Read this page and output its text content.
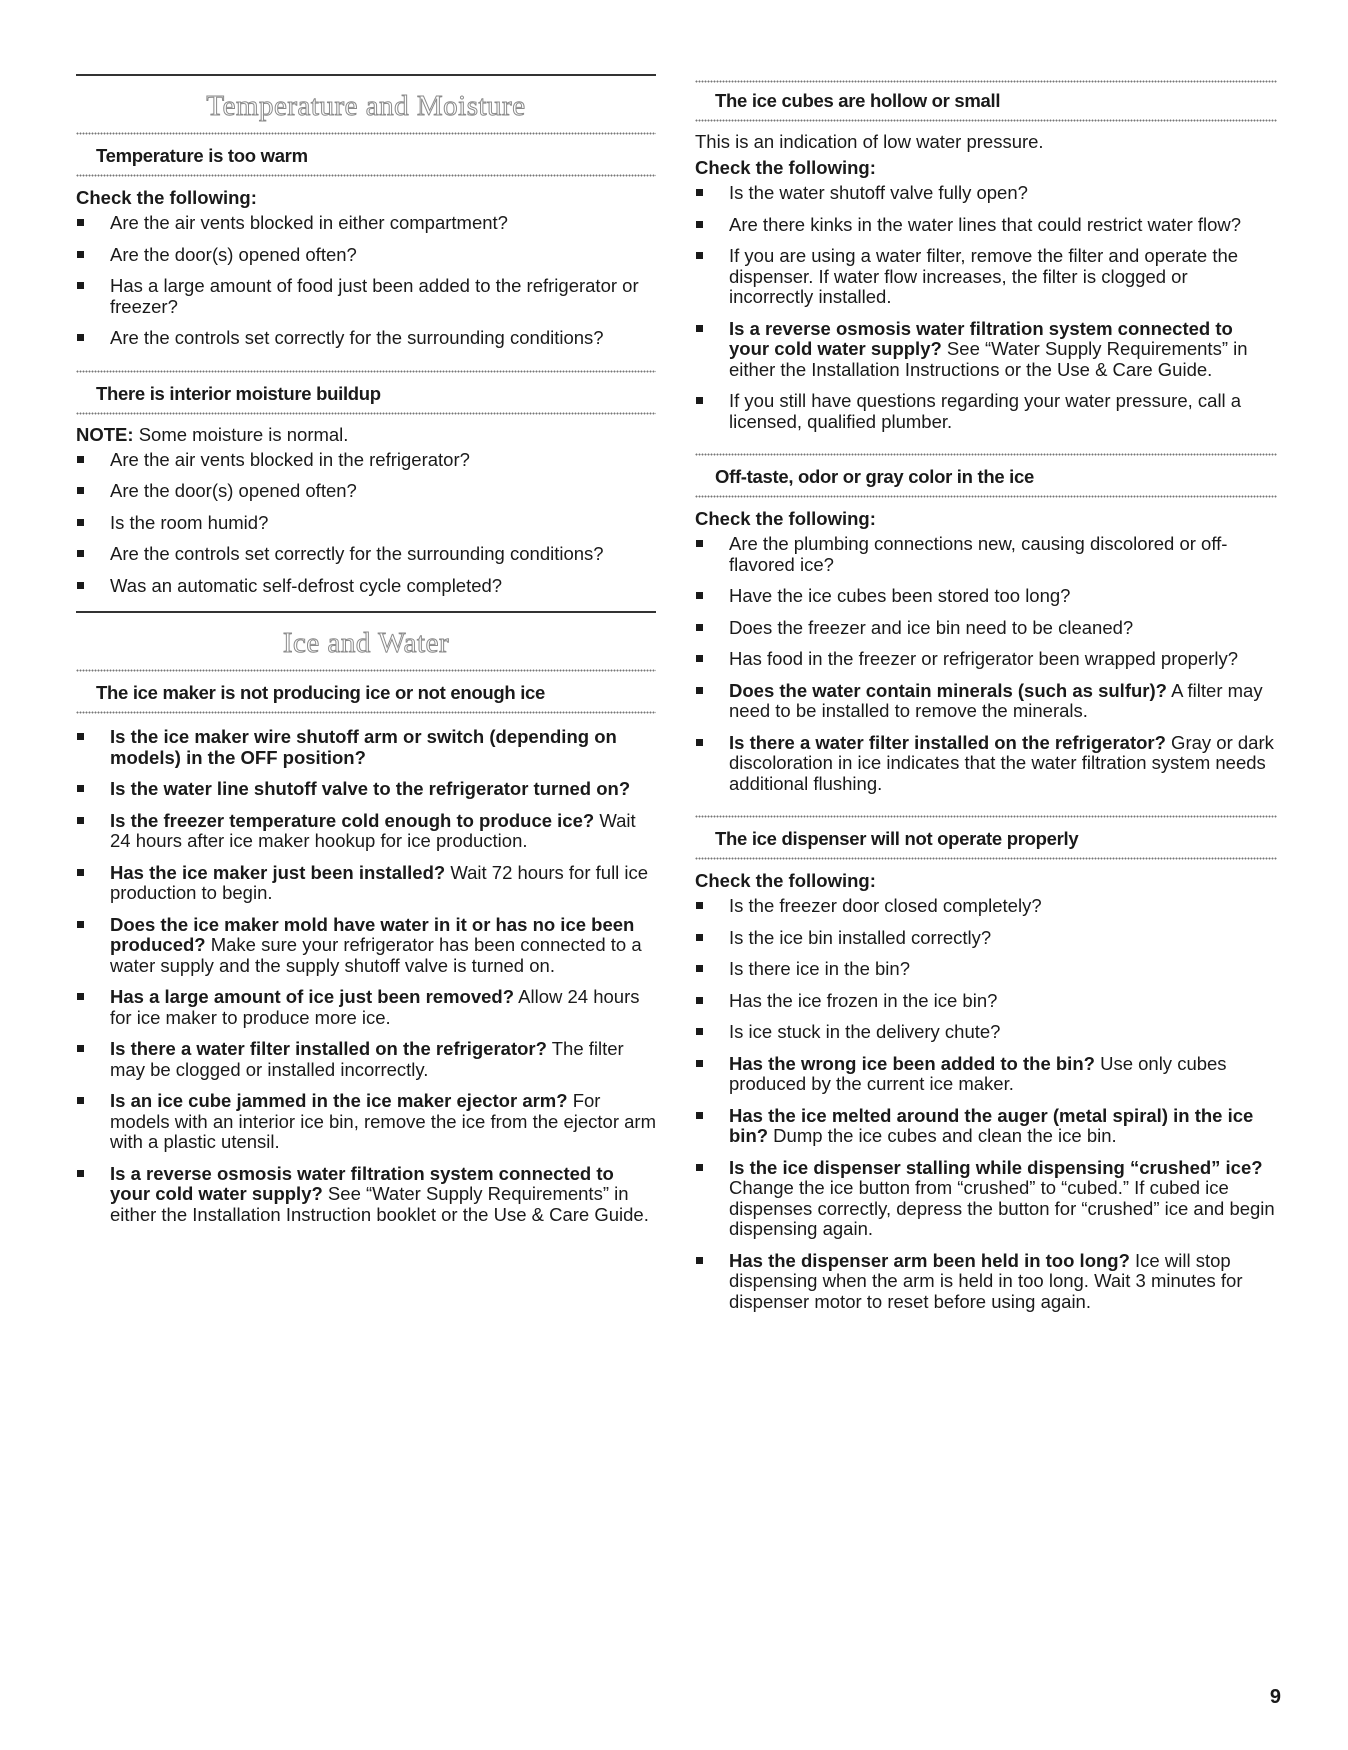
Temperature and Moisture
Temperature is too warm
Check the following:
Are the air vents blocked in either compartment?
Are the door(s) opened often?
Has a large amount of food just been added to the refrigerator or freezer?
Are the controls set correctly for the surrounding conditions?
There is interior moisture buildup
NOTE: Some moisture is normal.
Are the air vents blocked in the refrigerator?
Are the door(s) opened often?
Is the room humid?
Are the controls set correctly for the surrounding conditions?
Was an automatic self-defrost cycle completed?
Ice and Water
The ice maker is not producing ice or not enough ice
Is the ice maker wire shutoff arm or switch (depending on models) in the OFF position?
Is the water line shutoff valve to the refrigerator turned on?
Is the freezer temperature cold enough to produce ice? Wait 24 hours after ice maker hookup for ice production.
Has the ice maker just been installed? Wait 72 hours for full ice production to begin.
Does the ice maker mold have water in it or has no ice been produced? Make sure your refrigerator has been connected to a water supply and the supply shutoff valve is turned on.
Has a large amount of ice just been removed? Allow 24 hours for ice maker to produce more ice.
Is there a water filter installed on the refrigerator? The filter may be clogged or installed incorrectly.
Is an ice cube jammed in the ice maker ejector arm? For models with an interior ice bin, remove the ice from the ejector arm with a plastic utensil.
Is a reverse osmosis water filtration system connected to your cold water supply? See “Water Supply Requirements” in either the Installation Instruction booklet or the Use & Care Guide.
The ice cubes are hollow or small
This is an indication of low water pressure.
Check the following:
Is the water shutoff valve fully open?
Are there kinks in the water lines that could restrict water flow?
If you are using a water filter, remove the filter and operate the dispenser. If water flow increases, the filter is clogged or incorrectly installed.
Is a reverse osmosis water filtration system connected to your cold water supply? See “Water Supply Requirements” in either the Installation Instructions or the Use & Care Guide.
If you still have questions regarding your water pressure, call a licensed, qualified plumber.
Off-taste, odor or gray color in the ice
Check the following:
Are the plumbing connections new, causing discolored or off-flavored ice?
Have the ice cubes been stored too long?
Does the freezer and ice bin need to be cleaned?
Has food in the freezer or refrigerator been wrapped properly?
Does the water contain minerals (such as sulfur)? A filter may need to be installed to remove the minerals.
Is there a water filter installed on the refrigerator? Gray or dark discoloration in ice indicates that the water filtration system needs additional flushing.
The ice dispenser will not operate properly
Check the following:
Is the freezer door closed completely?
Is the ice bin installed correctly?
Is there ice in the bin?
Has the ice frozen in the ice bin?
Is ice stuck in the delivery chute?
Has the wrong ice been added to the bin? Use only cubes produced by the current ice maker.
Has the ice melted around the auger (metal spiral) in the ice bin? Dump the ice cubes and clean the ice bin.
Is the ice dispenser stalling while dispensing “crushed” ice? Change the ice button from “crushed” to “cubed.” If cubed ice dispenses correctly, depress the button for “crushed” ice and begin dispensing again.
Has the dispenser arm been held in too long? Ice will stop dispensing when the arm is held in too long. Wait 3 minutes for dispenser motor to reset before using again.
9
